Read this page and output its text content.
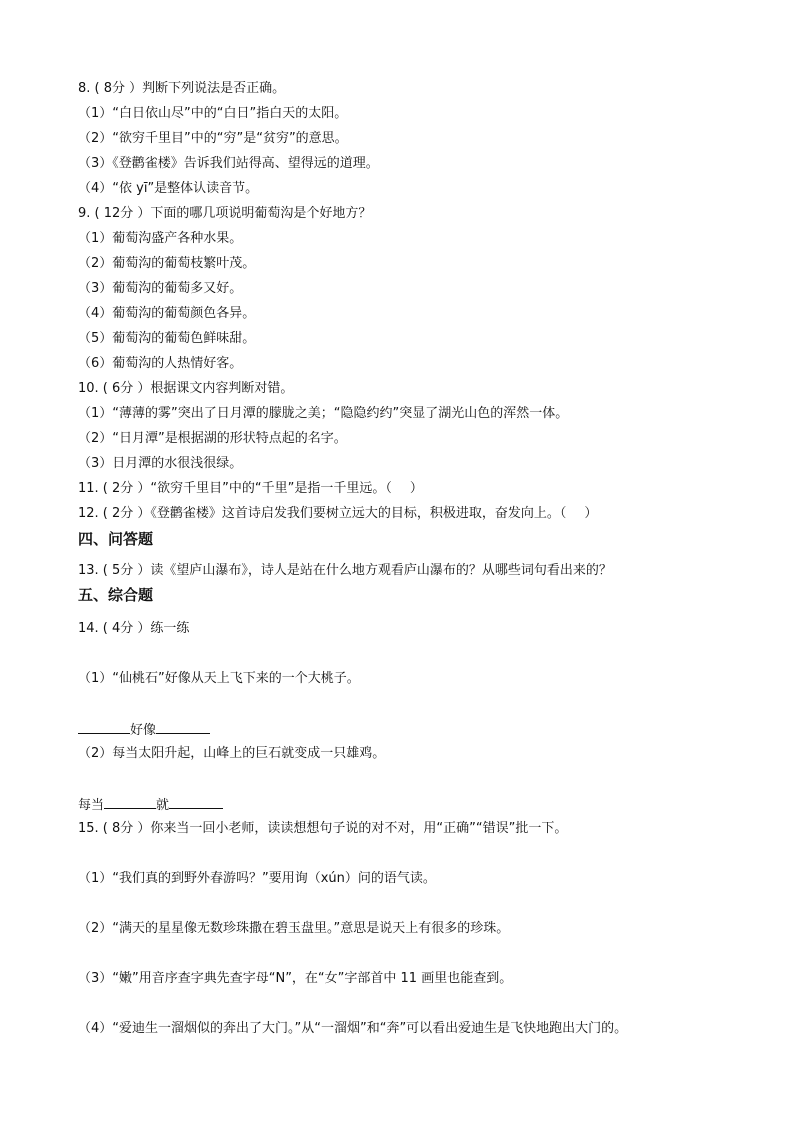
8. ( 8分 ）判断下列说法是否正确。
（1）“白日依山尽”中的“白日”指白天的太阳。
（2）“欲穷千里目”中的“穷”是“贫穷”的意思。
（3）《登鹳雀楼》告诉我们站得高、望得远的道理。
（4）“依 yī”是整体认读音节。
9. ( 12分 ）下面的哪几项说明葡萄沟是个好地方？
（1）葡萄沟盛产各种水果。
（2）葡萄沟的葡萄枝繁叶茂。
（3）葡萄沟的葡萄多又好。
（4）葡萄沟的葡萄颜色各异。
（5）葡萄沟的葡萄色鲜味甜。
（6）葡萄沟的人热情好客。
10. ( 6分 ）根据课文内容判断对错。
（1）“薄薄的雾”突出了日月潭的朦胧之美；“隐隐约约”突显了湖光山色的浑然一体。
（2）“日月潭”是根据湖的形状特点起的名字。
（3）日月潭的水很浅很绿。
11. ( 2分 ）“欲穷千里目”中的“千里”是指一千里远。（ ）
12. ( 2分 ）《登鹳雀楼》这首诗启发我们要树立远大的目标，积极进取，奋发向上。（ ）
四、问答题
13. ( 5分 ）读《望庐山瀑布》，诗人是站在什么地方观看庐山瀑布的？从哪些词句看出来的？
五、综合题
14. ( 4分 ）练一练
（1）“仙桃石”好像从天上飞下来的一个大桃子。
好像
（2）每当太阳升起，山峰上的巨石就变成一只雄鸡。
每当	就
15. ( 8分 ）你来当一回小老师，读读想想句子说的对不对，用“正确”“错误”批一下。
（1）“我们真的到野外春游吗？”要用询（xún）问的语气读。
（2）“满天的星星像无数珍珠撒在碧玉盘里。”意思是说天上有很多的珍珠。
（3）“嫩”用音序查字典先查字母“N”，在“女”字部首中 11 画里也能查到。
（4）“爱迪生一溜烟似的奔出了大门。”从“一溜烟”和“奔”可以看出爱迪生是飞快地跑出大门的。
